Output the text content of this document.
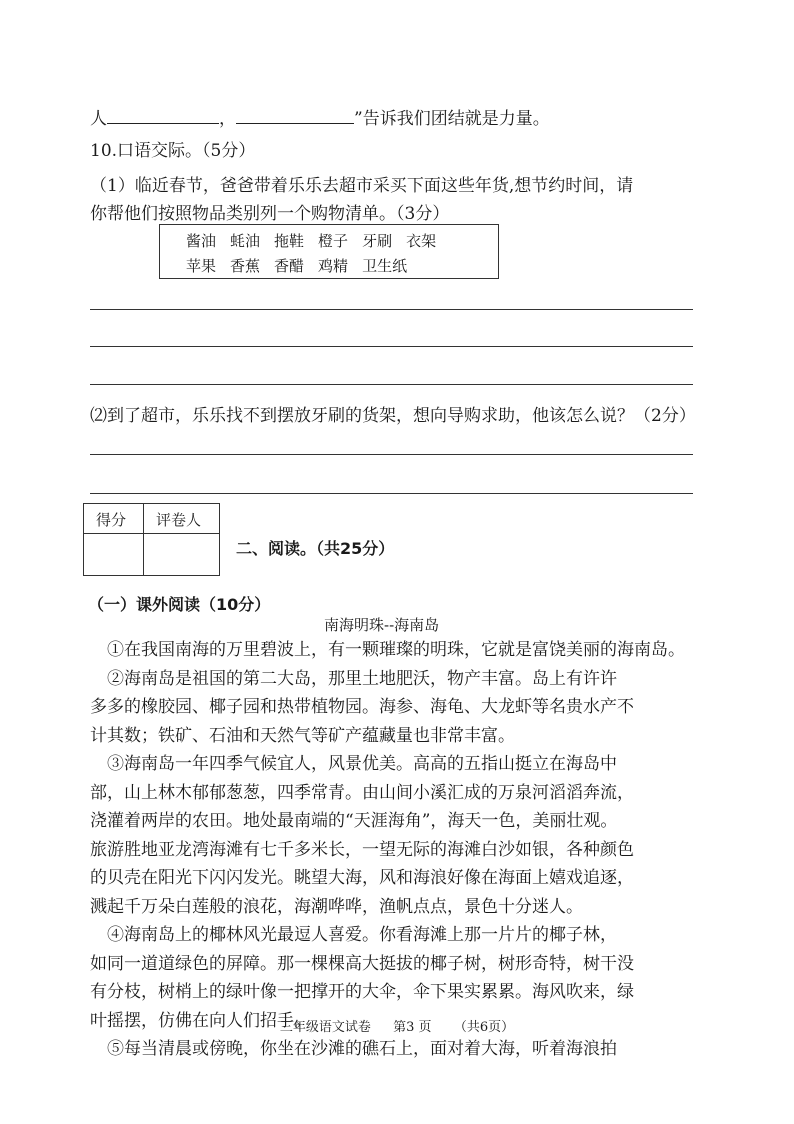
人	，	”告诉我们团结就是力量。
10.口语交际。（5分）
（1）临近春节，爸爸带着乐乐去超市采买下面这些年货,想节约时间，请
你帮他们按照物品类别列一个购物清单。（3分）
酱油 蚝油 拖鞋 橙子 牙刷 衣架
苹果 香蕉 香醋 鸡精 卫生纸
⑵到了超市，乐乐找不到摆放牙刷的货架，想向导购求助，他该怎么说？（2分）
得分 评卷人
二、阅读。（共25分）
（一）课外阅读（10分）
南海明珠--海南岛

①在我国南海的万里碧波上，有一颗璀璨的明珠，它就是富饶美丽的海南岛。

②海南岛是祖国的第二大岛，那里土地肥沃，物产丰富。岛上有许许

多多的橡胶园、椰子园和热带植物园。海参、海龟、大龙虾等名贵水产不

计其数；铁矿、石油和天然气等矿产蕴藏量也非常丰富。

③海南岛一年四季气候宜人，风景优美。高高的五指山挺立在海岛中

部，山上林木郁郁葱葱，四季常青。由山间小溪汇成的万泉河滔滔奔流，

浇灌着两岸的农田。地处最南端的“天涯海角”，海天一色，美丽壮观。

旅游胜地亚龙湾海滩有七千多米长，一望无际的海滩白沙如银，各种颜色

的贝壳在阳光下闪闪发光。眺望大海，风和海浪好像在海面上嬉戏追逐，

溅起千万朵白莲般的浪花，海潮哗哗，渔帆点点，景色十分迷人。

④海南岛上的椰林风光最逗人喜爱。你看海滩上那一片片的椰子林，

如同一道道绿色的屏障。那一棵棵高大挺拔的椰子树，树形奇特，树干没

有分枝，树梢上的绿叶像一把撑开的大伞，伞下果实累累。海风吹来，绿

叶摇摆，仿佛在向人们招手。

⑤每当清晨或傍晚，你坐在沙滩的礁石上，面对着大海，听着海浪拍

三年级语文试卷 第3 页 （共6页）
